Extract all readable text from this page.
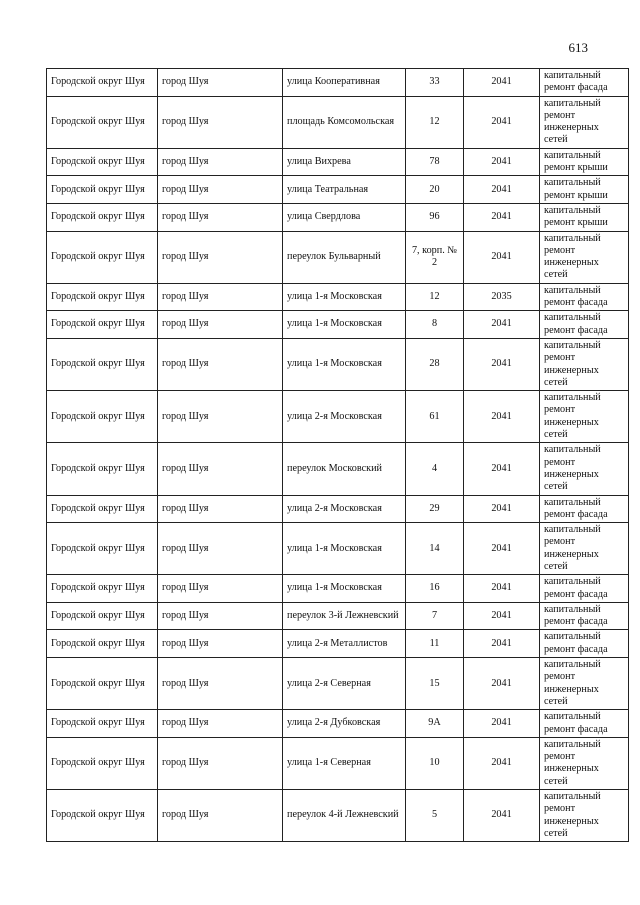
613
Городской округ Шуя	город Шуя	улица Кооперативная	33	2041	капитальный ремонт фасада
Городской округ Шуя	город Шуя	площадь Комсомольская	12	2041	капитальный ремонт инженерных сетей
Городской округ Шуя	город Шуя	улица Вихрева	78	2041	капитальный ремонт крыши
Городской округ Шуя	город Шуя	улица Театральная	20	2041	капитальный ремонт крыши
Городской округ Шуя	город Шуя	улица Свердлова	96	2041	капитальный ремонт крыши
Городской округ Шуя	город Шуя	переулок Бульварный	7, корп. № 2	2041	капитальный ремонт инженерных сетей
Городской округ Шуя	город Шуя	улица 1-я Московская	12	2035	капитальный ремонт фасада
Городской округ Шуя	город Шуя	улица 1-я Московская	8	2041	капитальный ремонт фасада
Городской округ Шуя	город Шуя	улица 1-я Московская	28	2041	капитальный ремонт инженерных сетей
Городской округ Шуя	город Шуя	улица 2-я Московская	61	2041	капитальный ремонт инженерных сетей
Городской округ Шуя	город Шуя	переулок Московский	4	2041	капитальный ремонт инженерных сетей
Городской округ Шуя	город Шуя	улица 2-я Московская	29	2041	капитальный ремонт фасада
Городской округ Шуя	город Шуя	улица 1-я Московская	14	2041	капитальный ремонт инженерных сетей
Городской округ Шуя	город Шуя	улица 1-я Московская	16	2041	капитальный ремонт фасада
Городской округ Шуя	город Шуя	переулок 3-й Лежневский	7	2041	капитальный ремонт фасада
Городской округ Шуя	город Шуя	улица 2-я Металлистов	11	2041	капитальный ремонт фасада
Городской округ Шуя	город Шуя	улица 2-я Северная	15	2041	капитальный ремонт инженерных сетей
Городской округ Шуя	город Шуя	улица 2-я Дубковская	9А	2041	капитальный ремонт фасада
Городской округ Шуя	город Шуя	улица 1-я Северная	10	2041	капитальный ремонт инженерных сетей
Городской округ Шуя	город Шуя	переулок 4-й Лежневский	5	2041	капитальный ремонт инженерных сетей
